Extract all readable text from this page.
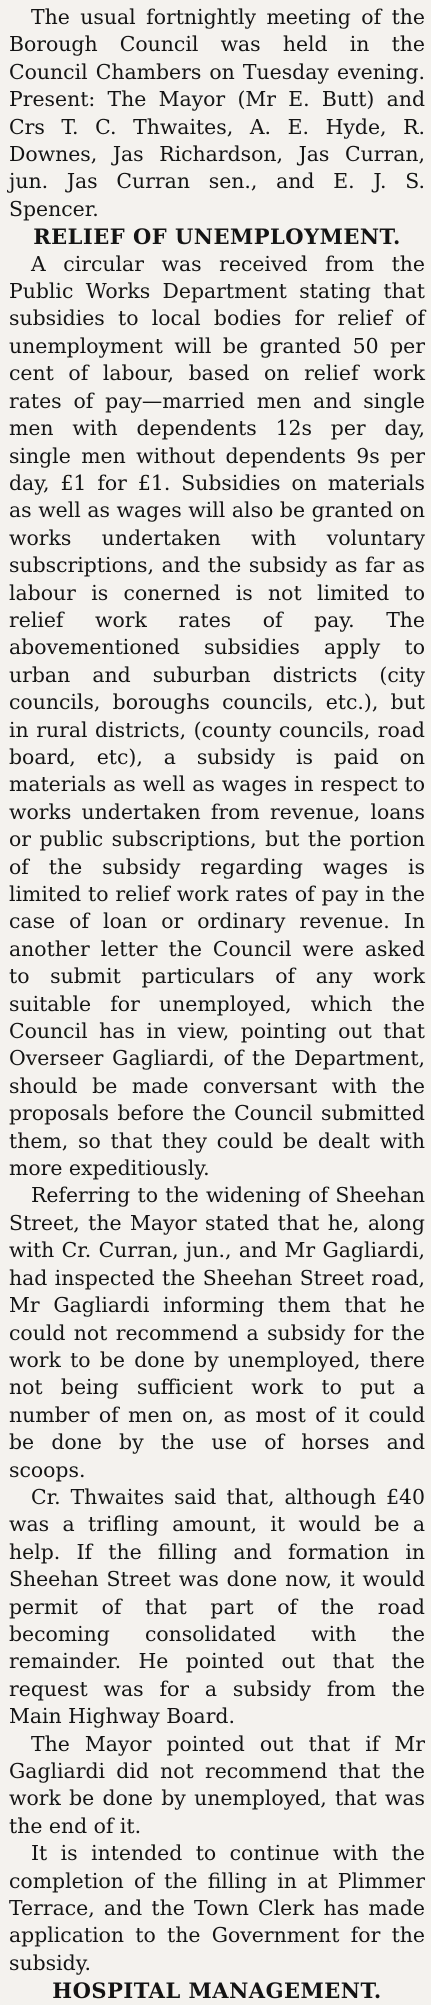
The usual fortnightly meeting of the Borough Council was held in the Council Chambers on Tuesday evening. Present: The Mayor (Mr E. Butt) and Crs T. C. Thwaites, A. E. Hyde, R. Downes, Jas Richardson, Jas Curran, jun. Jas Curran sen., and E. J. S. Spencer.

RELIEF OF UNEMPLOYMENT.

A circular was received from the Public Works Department stating that subsidies to local bodies for relief of unemployment will be granted 50 per cent of labour, based on relief work rates of pay—married men and single men with dependents 12s per day, single men without dependents 9s per day, £1 for £1. Subsidies on materials as well as wages will also be granted on works undertaken with voluntary subscriptions, and the subsidy as far as labour is conerned is not limited to relief work rates of pay. The abovementioned subsidies apply to urban and suburban districts (city councils, boroughs councils, etc.), but in rural districts, (county councils, road board, etc), a subsidy is paid on materials as well as wages in respect to works undertaken from revenue, loans or public subscriptions, but the portion of the subsidy regarding wages is limited to relief work rates of pay in the case of loan or ordinary revenue. In another letter the Council were asked to submit particulars of any work suitable for unemployed, which the Council has in view, pointing out that Overseer Gagliardi, of the Department, should be made conversant with the proposals before the Council submitted them, so that they could be dealt with more expeditiously.

Referring to the widening of Sheehan Street, the Mayor stated that he, along with Cr. Curran, jun., and Mr Gagliardi, had inspected the Sheehan Street road, Mr Gagliardi informing them that he could not recommend a subsidy for the work to be done by unemployed, there not being sufficient work to put a number of men on, as most of it could be done by the use of horses and scoops.

Cr. Thwaites said that, although £40 was a trifling amount, it would be a help. If the filling and formation in Sheehan Street was done now, it would permit of that part of the road becoming consolidated with the remainder. He pointed out that the request was for a subsidy from the Main Highway Board.

The Mayor pointed out that if Mr Gagliardi did not recommend that the work be done by unemployed, that was the end of it.

It is intended to continue with the completion of the filling in at Plimmer Terrace, and the Town Clerk has made application to the Government for the subsidy.

HOSPITAL MANAGEMENT.
